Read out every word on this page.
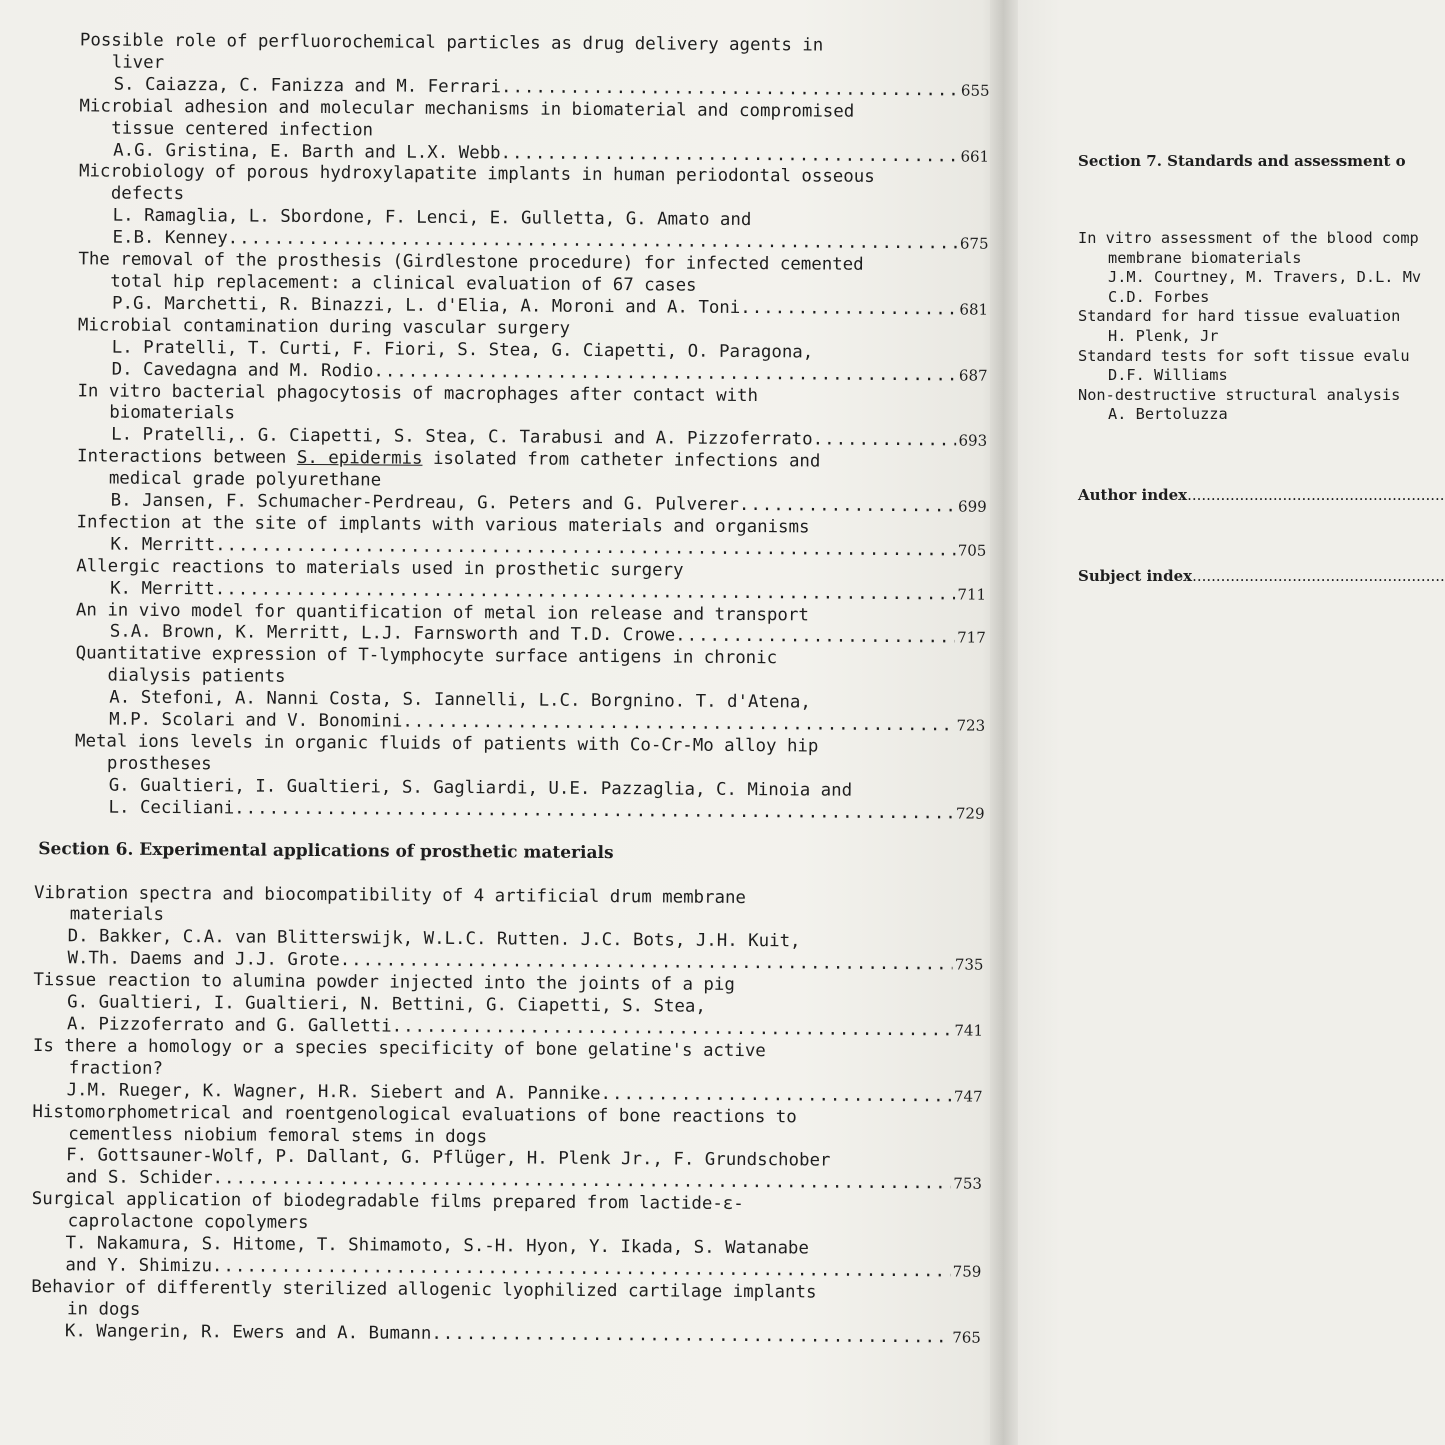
Possible role of perfluorochemical particles as drug delivery agents in
liver
S. Caiazza, C. Fanizza and M. Ferrari .....	655
Microbial adhesion and molecular mechanisms in biomaterial and compromised
tissue centered infection
A.G. Gristina, E. Barth and L.X. Webb .....	661
Microbiology of porous hydroxylapatite implants in human periodontal osseous
defects
L. Ramaglia, L. Sbordone, F. Lenci, E. Gulletta, G. Amato and
E.B. Kenney .....	675
The removal of the prosthesis (Girdlestone procedure) for infected cemented
total hip replacement: a clinical evaluation of 67 cases
P.G. Marchetti, R. Binazzi, L. d'Elia, A. Moroni and A. Toni .....	681
Microbial contamination during vascular surgery
L. Pratelli, T. Curti, F. Fiori, S. Stea, G. Ciapetti, O. Paragona,
D. Cavedagna and M. Rodio .....	687
In vitro bacterial phagocytosis of macrophages after contact with
biomaterials
L. Pratelli,. G. Ciapetti, S. Stea, C. Tarabusi and A. Pizzoferrato .....	693
Interactions between S. epidermis isolated from catheter infections and
medical grade polyurethane
B. Jansen, F. Schumacher-Perdreau, G. Peters and G. Pulverer .....	699
Infection at the site of implants with various materials and organisms
K. Merritt .....	705
Allergic reactions to materials used in prosthetic surgery
K. Merritt .....	711
An in vivo model for quantification of metal ion release and transport
S.A. Brown, K. Merritt, L.J. Farnsworth and T.D. Crowe .....	717
Quantitative expression of T-lymphocyte surface antigens in chronic
dialysis patients
A. Stefoni, A. Nanni Costa, S. Iannelli, L.C. Borgnino. T. d'Atena,
M.P. Scolari and V. Bonomini .....	723
Metal ions levels in organic fluids of patients with Co-Cr-Mo alloy hip
prostheses
G. Gualtieri, I. Gualtieri, S. Gagliardi, U.E. Pazzaglia, C. Minoia and
L. Ceciliani .....	729
Section 6. Experimental applications of prosthetic materials
Vibration spectra and biocompatibility of 4 artificial drum membrane
materials
D. Bakker, C.A. van Blitterswijk, W.L.C. Rutten. J.C. Bots, J.H. Kuit,
W.Th. Daems and J.J. Grote .....	735
Tissue reaction to alumina powder injected into the joints of a pig
G. Gualtieri, I. Gualtieri, N. Bettini, G. Ciapetti, S. Stea,
A. Pizzoferrato and G. Galletti .....	741
Is there a homology or a species specificity of bone gelatine's active
fraction?
J.M. Rueger, K. Wagner, H.R. Siebert and A. Pannike .....	747
Histomorphometrical and roentgenological evaluations of bone reactions to
cementless niobium femoral stems in dogs
F. Gottsauner-Wolf, P. Dallant, G. Pflüger, H. Plenk Jr., F. Grundschober
and S. Schider .....	753
Surgical application of biodegradable films prepared from lactide-ε-
caprolactone copolymers
T. Nakamura, S. Hitome, T. Shimamoto, S.-H. Hyon, Y. Ikada, S. Watanabe
and Y. Shimizu .....	759
Behavior of differently sterilized allogenic lyophilized cartilage implants
in dogs
K. Wangerin, R. Ewers and A. Bumann .....	765

Section 7. Standards and assessment o

In vitro assessment of the blood comp
membrane biomaterials
J.M. Courtney, M. Travers, D.L. Mv
C.D. Forbes
Standard for hard tissue evaluation
H. Plenk, Jr
Standard tests for soft tissue evalu
D.F. Williams
Non-destructive structural analysis
A. Bertoluzza

Author index
.....

Subject index
.....
